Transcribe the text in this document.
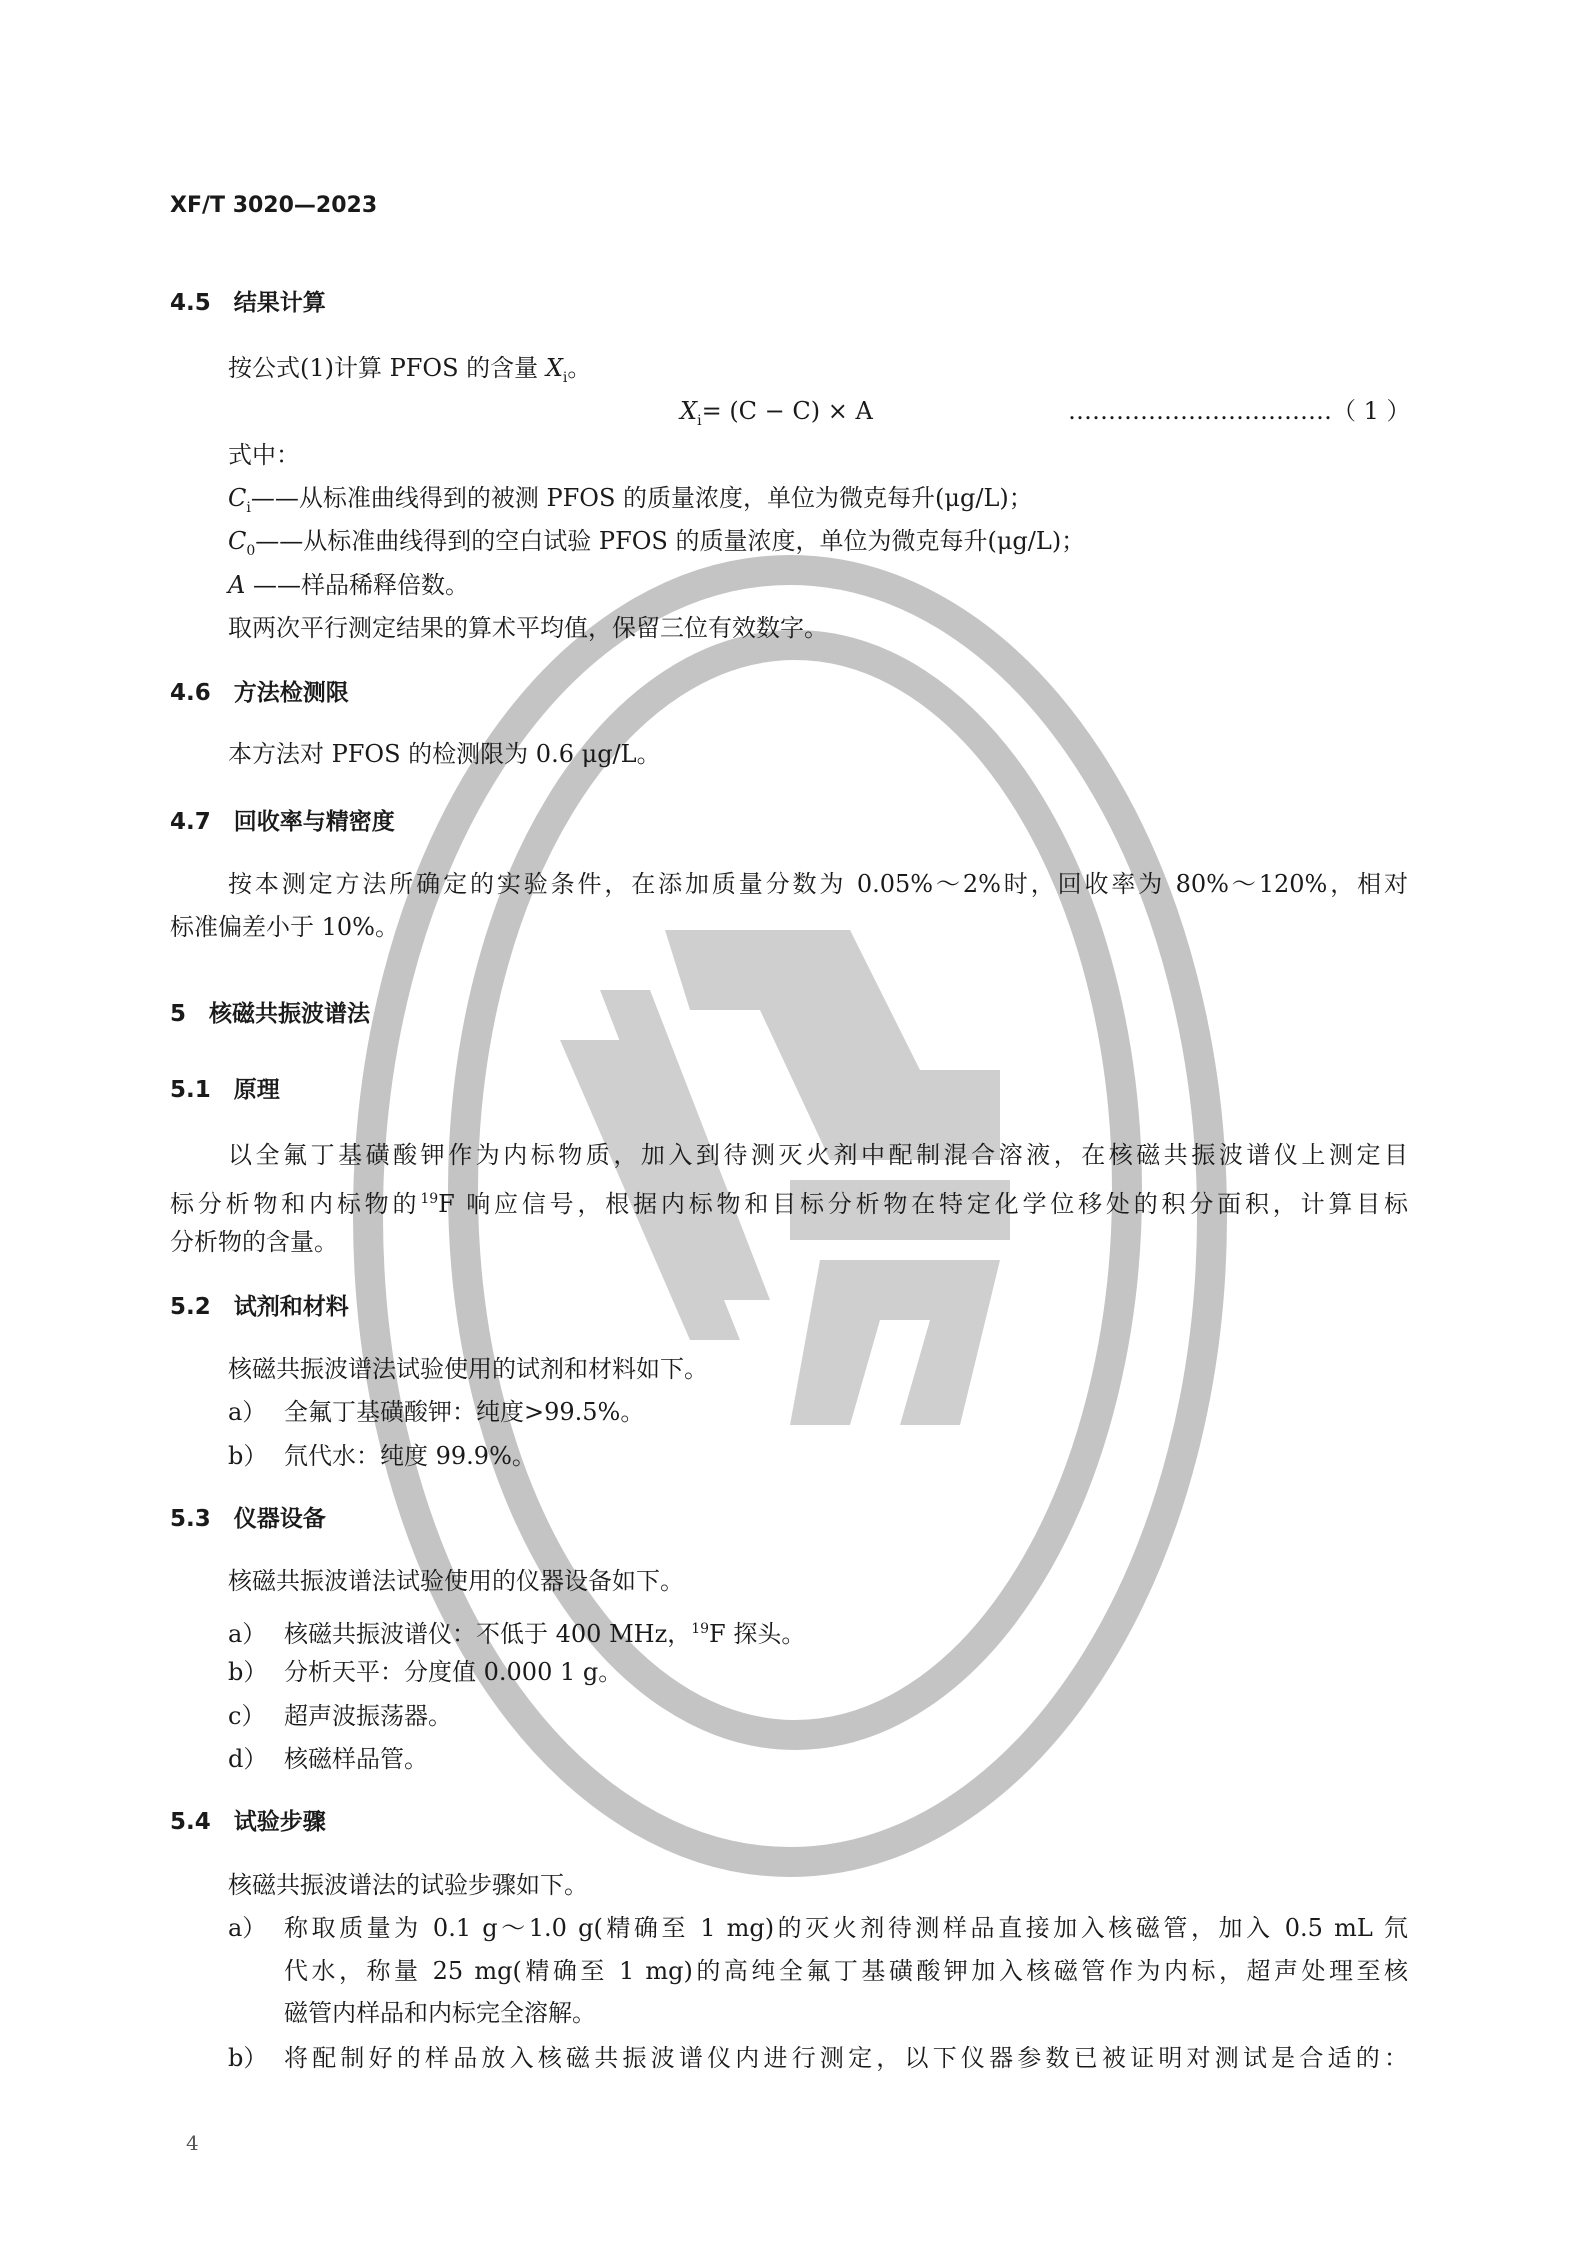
XF/T 3020—2023
4.5　结果计算
按公式(1)计算 PFOS 的含量 $X_i$。
$X_i= (C - C) \times A$	……………………………（ 1 ）
式中：
$C_i——$从标准曲线得到的被测 PFOS 的质量浓度，单位为微克每升(μg/L)；
$C_0——$从标准曲线得到的空白试验 PFOS 的质量浓度，单位为微克每升(μg/L)；
A ——样品稀释倍数。
取两次平行测定结果的算术平均值，保留三位有效数字。
4.6　方法检测限
本方法对 PFOS 的检测限为 0.6 μg/L。
4.7　回收率与精密度
按本测定方法所确定的实验条件，在添加质量分数为 0.05%～2%时，回收率为 80%～120%，相对
标准偏差小于 10%。
5　核磁共振波谱法
5.1　原理
以全氟丁基磺酸钾作为内标物质，加入到待测灭火剂中配制混合溶液，在核磁共振波谱仪上测定目
标分析物和内标物的$^{19}$F 响应信号，根据内标物和目标分析物在特定化学位移处的积分面积，计算目标
分析物的含量。
5.2　试剂和材料
核磁共振波谱法试验使用的试剂和材料如下。
a） 全氟丁基磺酸钾：纯度>99.5%。
b） 氘代水：纯度 99.9%。
5.3　仪器设备
核磁共振波谱法试验使用的仪器设备如下。
a） 核磁共振波谱仪：不低于 400 MHz，$^{19}$F 探头。
b） 分析天平：分度值 0.000 1 g。
c） 超声波振荡器。
d） 核磁样品管。
5.4　试验步骤
核磁共振波谱法的试验步骤如下。
a） 称取质量为 0.1 g～1.0 g(精确至 1 mg)的灭火剂待测样品直接加入核磁管，加入 0.5 mL 氘
代水，称量 25 mg(精确至 1 mg)的高纯全氟丁基磺酸钾加入核磁管作为内标，超声处理至核
磁管内样品和内标完全溶解。
b） 将配制好的样品放入核磁共振波谱仪内进行测定，以下仪器参数已被证明对测试是合适的：
4
